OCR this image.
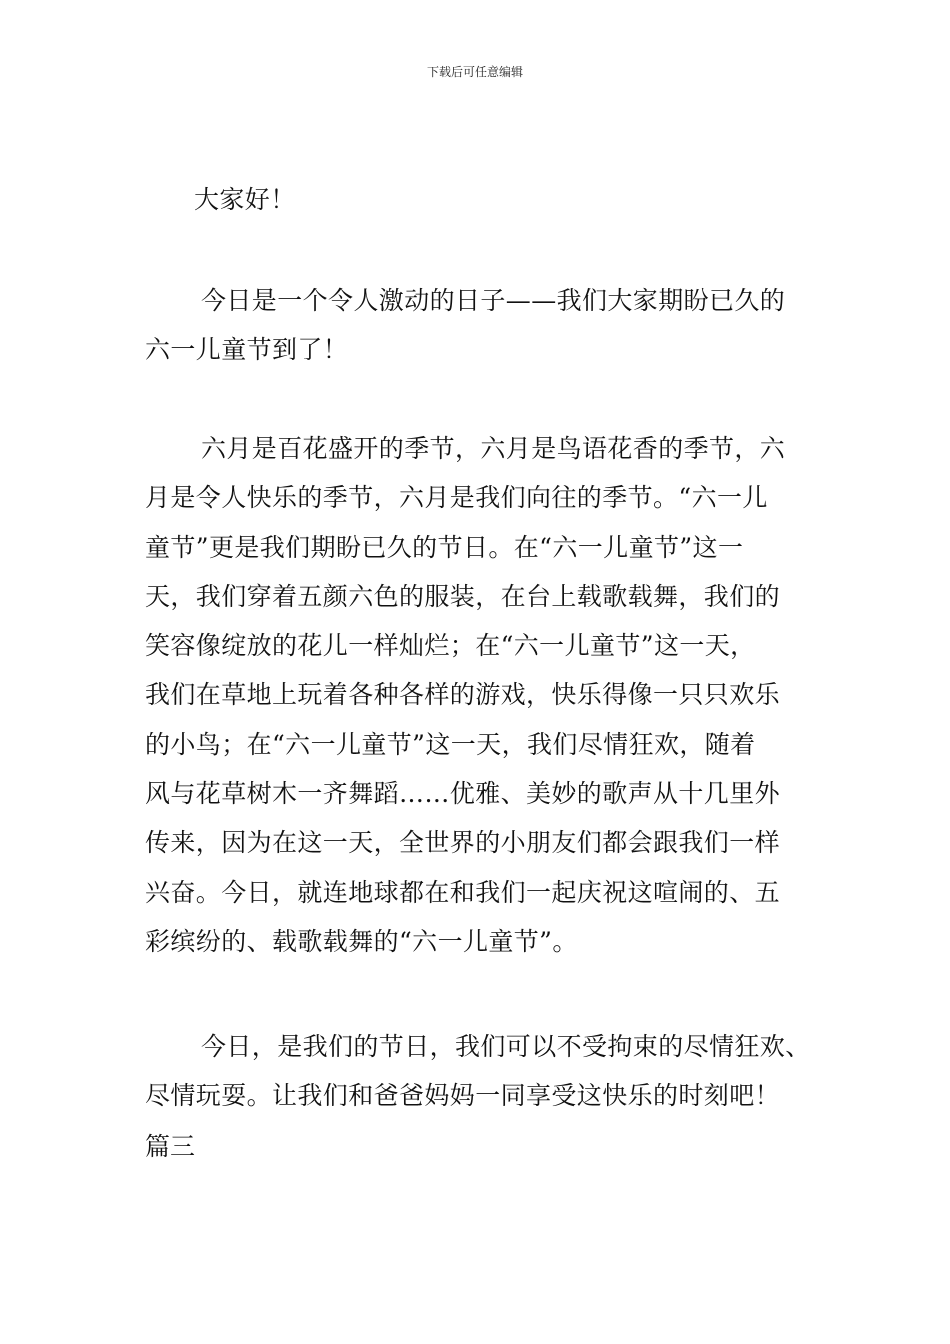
下载后可任意编辑
大家好！
今日是一个令人激动的日子——我们大家期盼已久的
六一儿童节到了！
六月是百花盛开的季节，六月是鸟语花香的季节，六
月是令人快乐的季节，六月是我们向往的季节。“六一儿
童节”更是我们期盼已久的节日。在“六一儿童节”这一
天，我们穿着五颜六色的服装，在台上载歌载舞，我们的
笑容像绽放的花儿一样灿烂；在“六一儿童节”这一天，
我们在草地上玩着各种各样的游戏，快乐得像一只只欢乐
的小鸟；在“六一儿童节”这一天，我们尽情狂欢，随着
风与花草树木一齐舞蹈……优雅、美妙的歌声从十几里外
传来，因为在这一天，全世界的小朋友们都会跟我们一样
兴奋。今日，就连地球都在和我们一起庆祝这喧闹的、五
彩缤纷的、载歌载舞的“六一儿童节”。
今日，是我们的节日，我们可以不受拘束的尽情狂欢、
尽情玩耍。让我们和爸爸妈妈一同享受这快乐的时刻吧！
篇三
